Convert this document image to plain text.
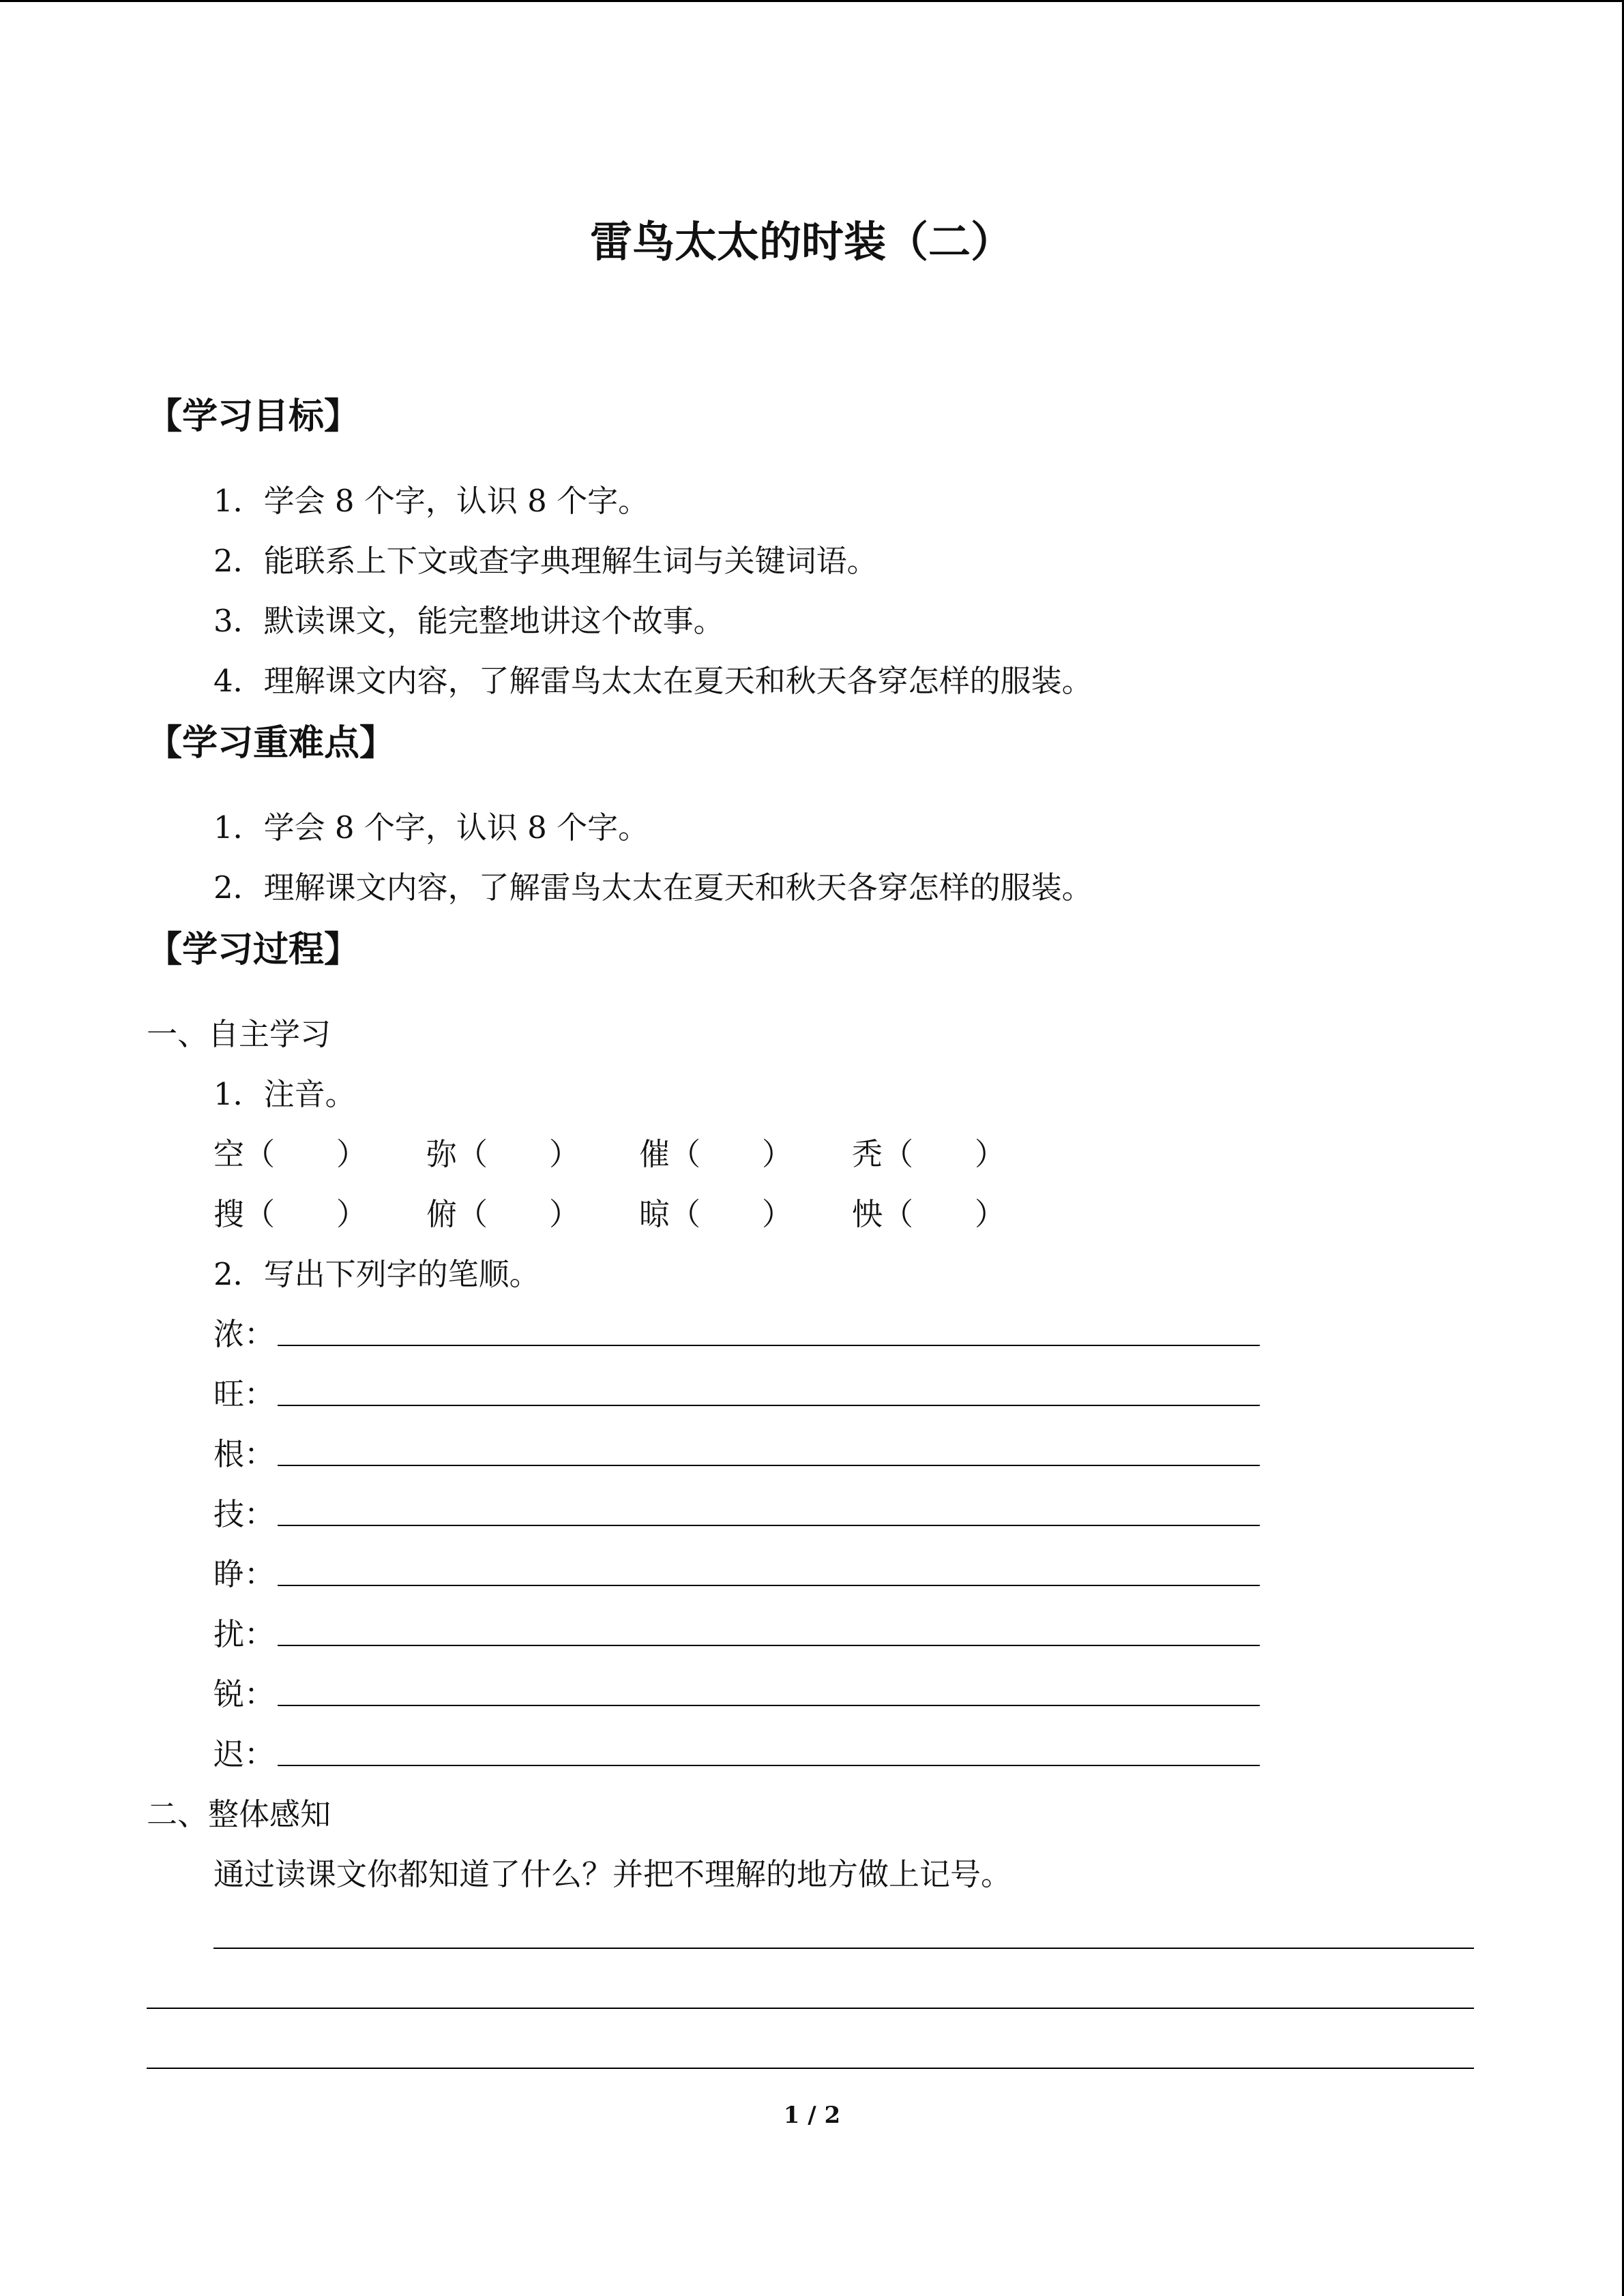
雷鸟太太的时装（二）
【学习目标】
1．学会 8 个字，认识 8 个字。
2．能联系上下文或查字典理解生词与关键词语。
3．默读课文，能完整地讲这个故事。
4．理解课文内容，了解雷鸟太太在夏天和秋天各穿怎样的服装。
【学习重难点】
1．学会 8 个字，认识 8 个字。
2．理解课文内容，了解雷鸟太太在夏天和秋天各穿怎样的服装。
【学习过程】
一、自主学习
1．注音。
空（　　） 弥（　　） 催（　　） 秃（　　）
搜（　　） 俯（　　） 晾（　　） 怏（　　）
2．写出下列字的笔顺。
浓：
旺：
根：
技：
睁：
扰：
锐：
迟：
二、整体感知
通过读课文你都知道了什么？并把不理解的地方做上记号。
1 / 2
